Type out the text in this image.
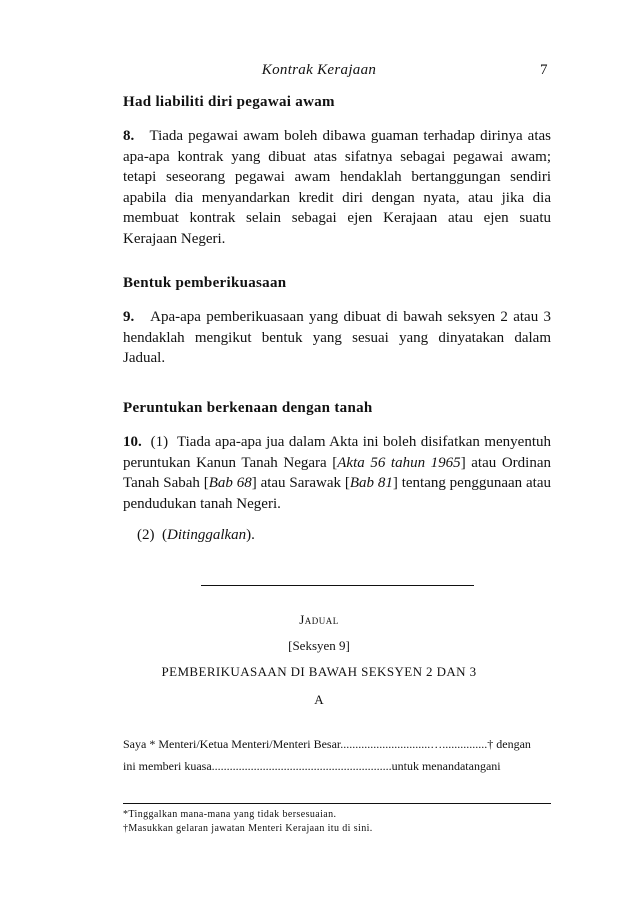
Kontrak Kerajaan	7
Had liabiliti diri pegawai awam
8. Tiada pegawai awam boleh dibawa guaman terhadap dirinya atas apa-apa kontrak yang dibuat atas sifatnya sebagai pegawai awam; tetapi seseorang pegawai awam hendaklah bertanggungan sendiri apabila dia menyandarkan kredit diri dengan nyata, atau jika dia membuat kontrak selain sebagai ejen Kerajaan atau ejen suatu Kerajaan Negeri.
Bentuk pemberikuasaan
9. Apa-apa pemberikuasaan yang dibuat di bawah seksyen 2 atau 3 hendaklah mengikut bentuk yang sesuai yang dinyatakan dalam Jadual.
Peruntukan berkenaan dengan tanah
10. (1) Tiada apa-apa jua dalam Akta ini boleh disifatkan menyentuh peruntukan Kanun Tanah Negara [Akta 56 tahun 1965] atau Ordinan Tanah Sabah [Bab 68] atau Sarawak [Bab 81] tentang penggunaan atau pendudukan tanah Negeri.
(2) (Ditinggalkan).
Jadual
[Seksyen 9]
PEMBERIKUASAAN DI BAWAH SEKSYEN 2 DAN 3
A
Saya * Menteri/Ketua Menteri/Menteri Besar..............................…...............† dengan
ini memberi kuasa............................................................untuk menandatangani
*Tinggalkan mana-mana yang tidak bersesuaian.
†Masukkan gelaran jawatan Menteri Kerajaan itu di sini.
